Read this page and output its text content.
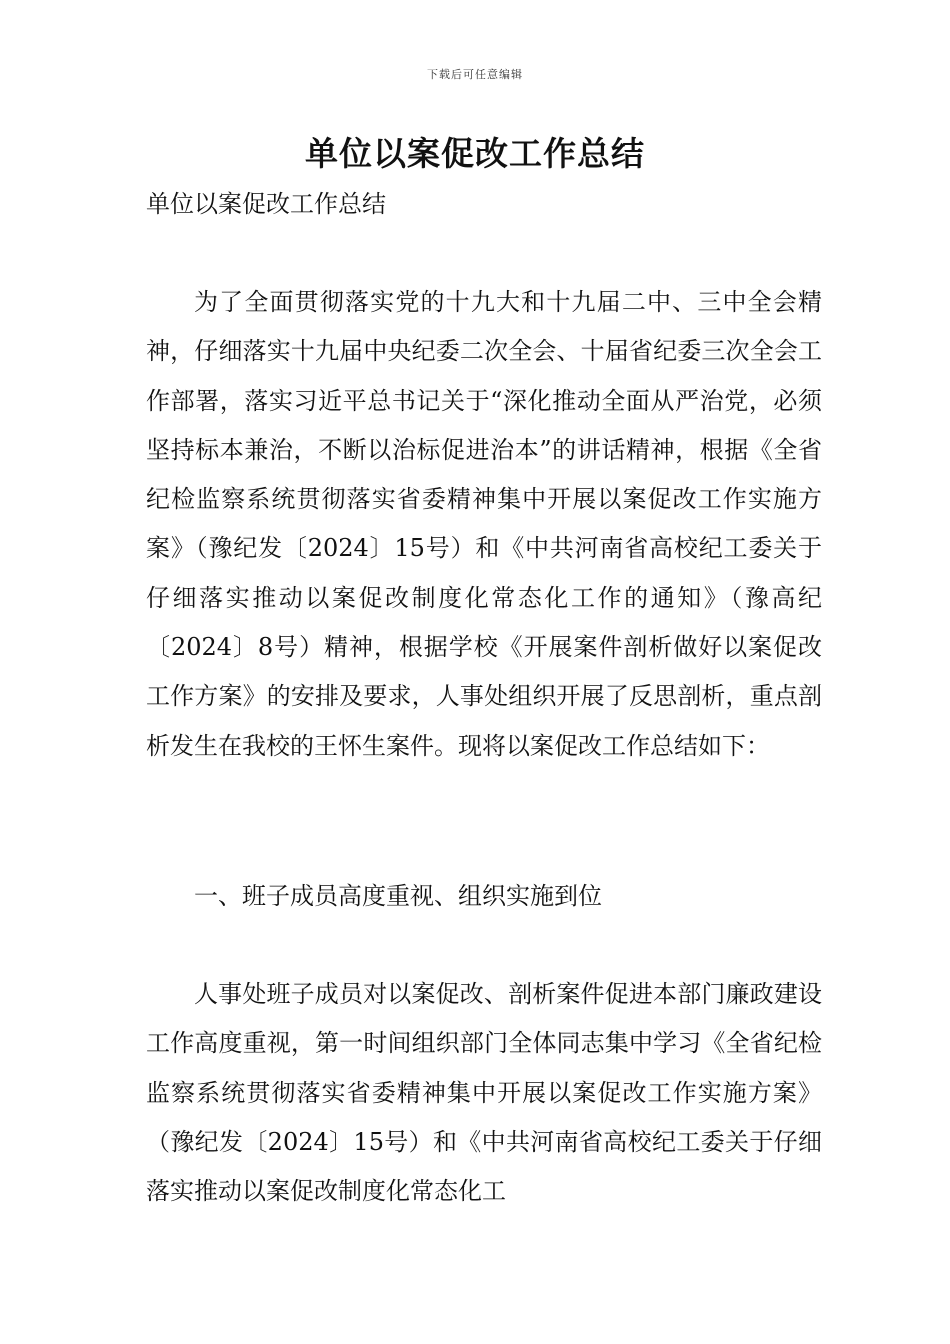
下载后可任意编辑
单位以案促改工作总结

单位以案促改工作总结

为了全面贯彻落实党的十九大和十九届二中、三中全会精神，仔细落实十九届中央纪委二次全会、十届省纪委三次全会工作部署，落实习近平总书记关于“深化推动全面从严治党，必须坚持标本兼治，不断以治标促进治本”的讲话精神，根据《全省纪检监察系统贯彻落实省委精神集中开展以案促改工作实施方案》（豫纪发〔2024〕15号）和《中共河南省高校纪工委关于仔细落实推动以案促改制度化常态化工作的通知》（豫高纪〔2024〕8号）精神，根据学校《开展案件剖析做好以案促改工作方案》的安排及要求，人事处组织开展了反思剖析，重点剖析发生在我校的王怀生案件。现将以案促改工作总结如下：

一、班子成员高度重视、组织实施到位

人事处班子成员对以案促改、剖析案件促进本部门廉政建设工作高度重视，第一时间组织部门全体同志集中学习《全省纪检监察系统贯彻落实省委精神集中开展以案促改工作实施方案》（豫纪发〔2024〕15号）和《中共河南省高校纪工委关于仔细落实推动以案促改制度化常态化工
